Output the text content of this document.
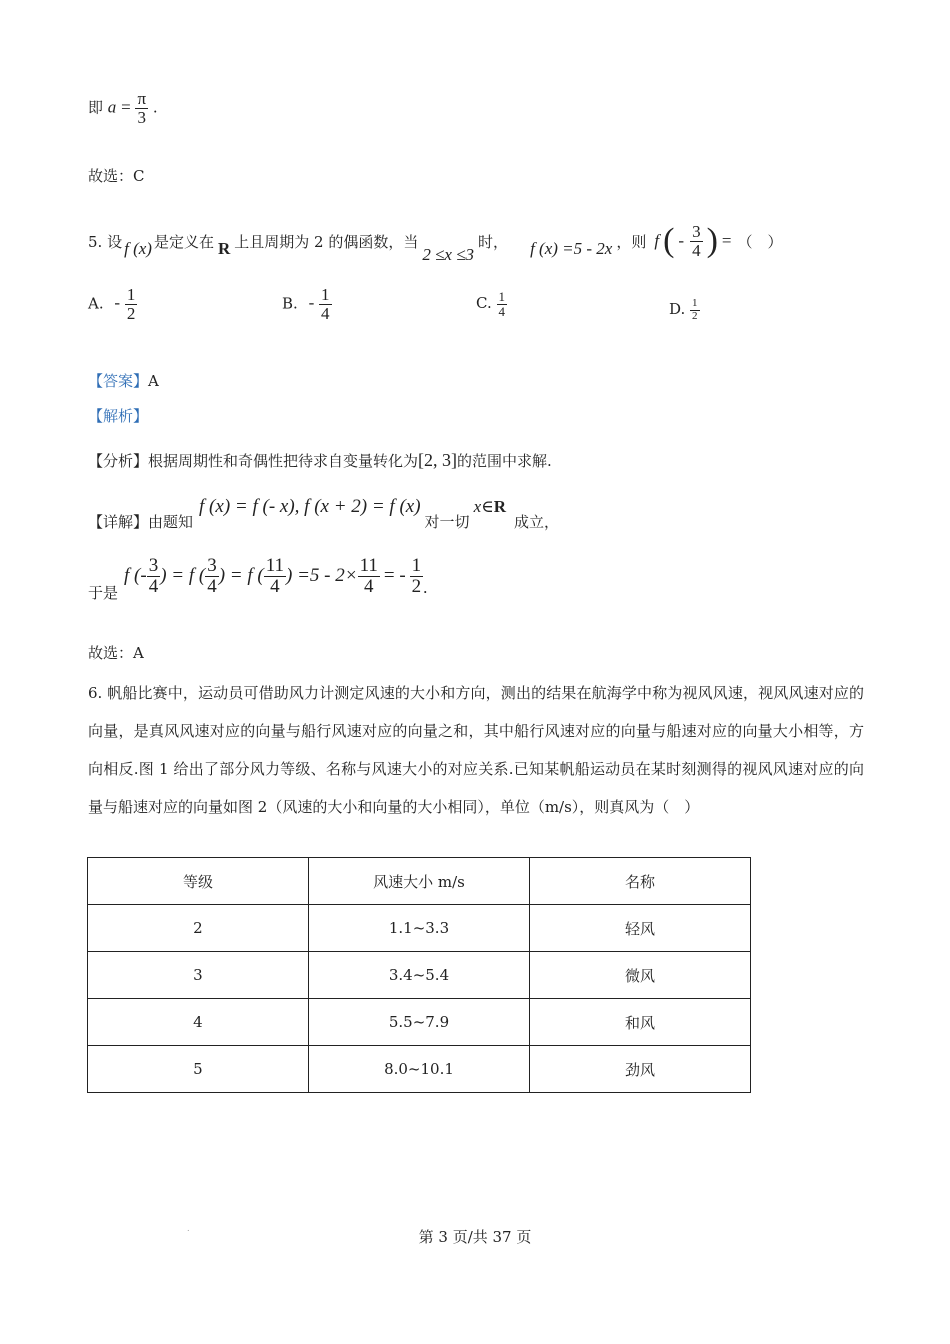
即 $a = \frac{\pi}{3}$ .
故选：C
5. 设 f (x) 是定义在 R 上且周期为 2 的偶函数，当
2 ≤x ≤3
时， f (x) =5 - 2x ，则 f ( - $\frac{3}{4}$ ) = （　）
A. - $\frac{1}{2}$	B. - $\frac{1}{4}$	C. $\frac{1}{4}$	D. $\frac{1}{2}$
【答案】A
【解析】
【分析】根据周期性和奇偶性把待求自变量转化为[2, 3]的范围中求解.
【详解】 由题知
f (x) = f (- x), f (x + 2) = f (x)
对一切
x ∈ R
成立，
于是
f (- $\frac{3}{4}$ ) = f ( $\frac{3}{4}$ ) = f ( $\frac{11}{4}$ ) $=5 - 2\times \frac{11}{4}$ = - $\frac{1}{2}$ .
故选：A
6. 帆船比赛中，运动员可借助风力计测定风速的大小和方向，测出的结果在航海学中称为视风风速，视风风速对应的向量，是真风风速对应的向量与船行风速对应的向量之和，其中船行风速对应的向量与船速对应的向量大小相等，方向相反.图 1 给出了部分风力等级、名称与风速大小的对应关系.已知某帆船运动员在某时刻测得的视风风速对应的向量与船速对应的向量如图 2（风速的大小和向量的大小相同），单位（m/s），则真风为（　）
等级	风速大小 m/s	名称
2	1.1~3.3	轻风
3	3.4~5.4	微风
4	5.5~7.9	和风
5	8.0~10.1	劲风
.	第 3 页/共 37 页
